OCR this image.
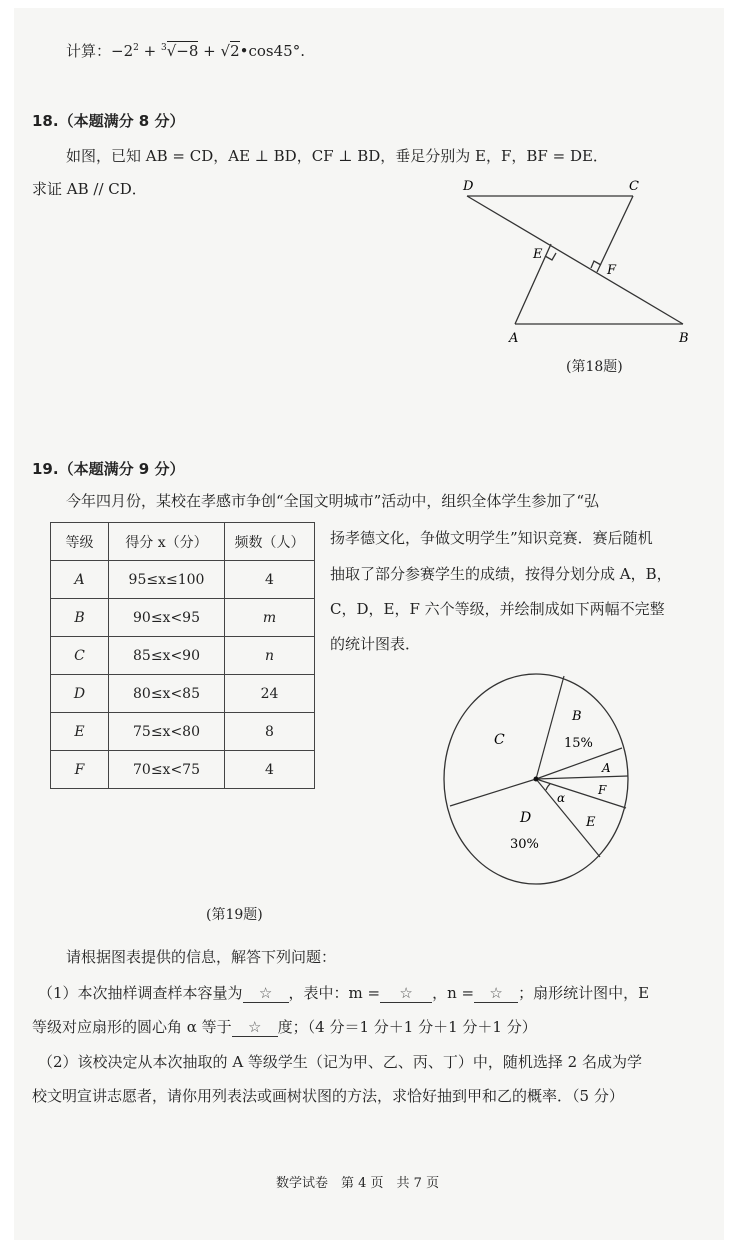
计算：$-2^2 + ^3√-8$ + √2•cos45°.
18.（本题满分 8 分）
如图，已知 AB = CD，AE ⊥ BD，CF ⊥ BD，垂足分别为 E，F，BF = DE．
求证 AB // CD．	D	C
E
F
A	B
(第18题)
19.（本题满分 9 分）
今年四月份，某校在孝感市争创“全国文明城市”活动中，组织全体学生参加了“弘
扬孝德文化，争做文明学生”知识竞赛．赛后随机
抽取了部分参赛学生的成绩，按得分划分成 A，B，
C，D，E，F 六个等级，并绘制成如下两幅不完整
的统计图表．
等级	得分 x（分）	频数（人）
A	95≤x≤100	4
B	90≤x<95	m
C	85≤x<90	n
D	80≤x<85	24
E	75≤x<80	8
F	70≤x<75	4
C
B
15%
A
F
E
α
D
30%
(第19题)
请根据图表提供的信息，解答下列问题：
（1）本次抽样调查样本容量为 ☆ ，表中：m = ☆ ，n = ☆ ；扇形统计图中，E
等级对应扇形的圆心角 α 等于 ☆ 度；（4 分＝1 分＋1 分＋1 分＋1 分）
（2）该校决定从本次抽取的 A 等级学生（记为甲、乙、丙、丁）中，随机选择 2 名成为学
校文明宣讲志愿者，请你用列表法或画树状图的方法，求恰好抽到甲和乙的概率．（5 分）
数学试卷　第 4 页　共 7 页
